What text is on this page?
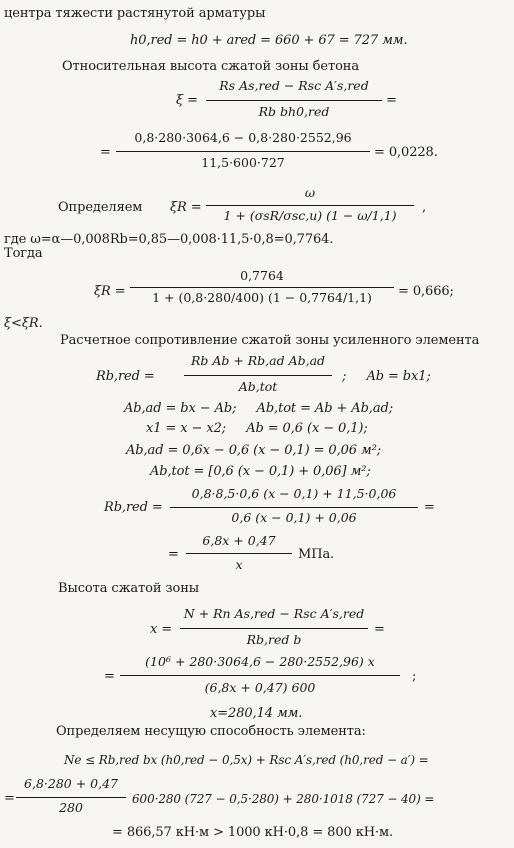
центра тяжести растянутой арматуры
h0,red = h0 + ared = 660 + 67 = 727 мм.
Относительная высота сжатой зоны бетона
ξ =
Rs As,red − Rsc A′s,red
Rb bh0,red
=
=
0,8·280·3064,6 − 0,8·280·2552,96
11,5·600·727
= 0,0228.
Определяем ξR =
ω
1 + (σsR/σsc,u) (1 − ω/1,1)
,
где ω=α—0,008Rb=0,85—0,008·11,5·0,8=0,7764.
Тогда
ξR =
0,7764
1 + (0,8·280/400) (1 − 0,7764/1,1)	= 0,666;
ξ<ξR.
Расчетное сопротивление сжатой зоны усиленного элемента
Rb,red =
Rb Ab + Rb,ad Ab,ad
Ab,tot
;     Ab = bx1;
Ab,ad = bx − Ab;     Ab,tot = Ab + Ab,ad;
x1 = x − x2;     Ab = 0,6 (x − 0,1);
Ab,ad = 0,6x − 0,6 (x − 0,1) = 0,06 м²;
Ab,tot = [0,6 (x − 0,1) + 0,06] м²;
Rb,red =
0,8·8,5·0,6 (x − 0,1) + 11,5·0,06
0,6 (x − 0,1) + 0,06
=
=
6,8x + 0,47
x
МПа.
Высота сжатой зоны
x =
N + Rn As,red − Rsc A′s,red
Rb,red b
=
=
(10⁶ + 280·3064,6 − 280·2552,96) x
(6,8x + 0,47) 600
;
x=280,14 мм.
Определяем несущую способность элемента:
Ne ≤ Rb,red bx (h0,red − 0,5x) + Rsc A′s,red (h0,red − a′) =
=
6,8·280 + 0,47
280
600·280 (727 − 0,5·280) + 280·1018 (727 − 40) =
= 866,57 кН·м > 1000 кН·0,8 = 800 кН·м.
